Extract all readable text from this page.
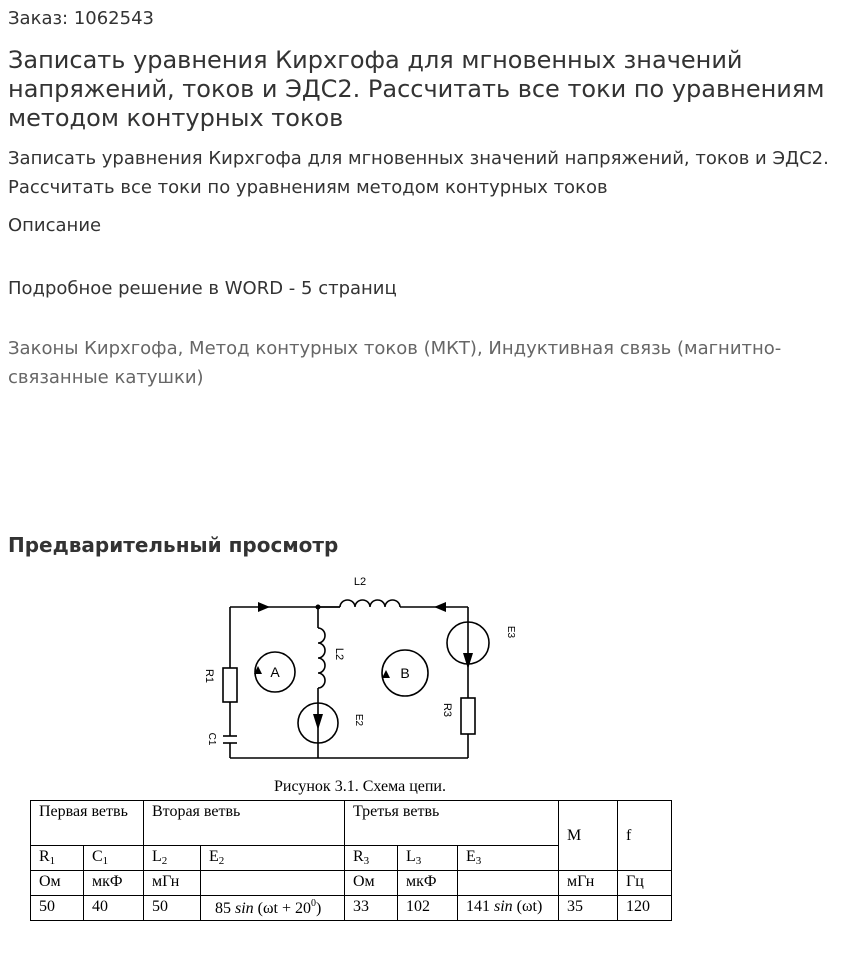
Заказ: 1062543
Записать уравнения Кирхгофа для мгновенных значений напряжений, токов и ЭДС2. Рассчитать все токи по уравнениям методом контурных токов

Записать уравнения Кирхгофа для мгновенных значений напряжений, токов и ЭДС2. Рассчитать все токи по уравнениям методом контурных токов

Описание
Подробное решение в WORD - 5 страниц

Законы Кирхгофа, Метод контурных токов (МКТ), Индуктивная связь (магнитно-связанные катушки)

Предварительный просмотр
L2
L2
E3
R1	A	B
E2
R3
C1
Рисунок 3.1. Схема цепи.
Первая ветвь		Вторая ветвь		Третья ветвь			M	f
$R_1$	$C_1$	$L_2$	$E_2$	$R_3$	$L_3$	$E_3$
Ом	мкФ	мГн		Ом	мкФ		мГн	Гц
50	40	50	85 $\sin (\omega t + 20^0)$	33	102	141 sin (ωt)	35	120
